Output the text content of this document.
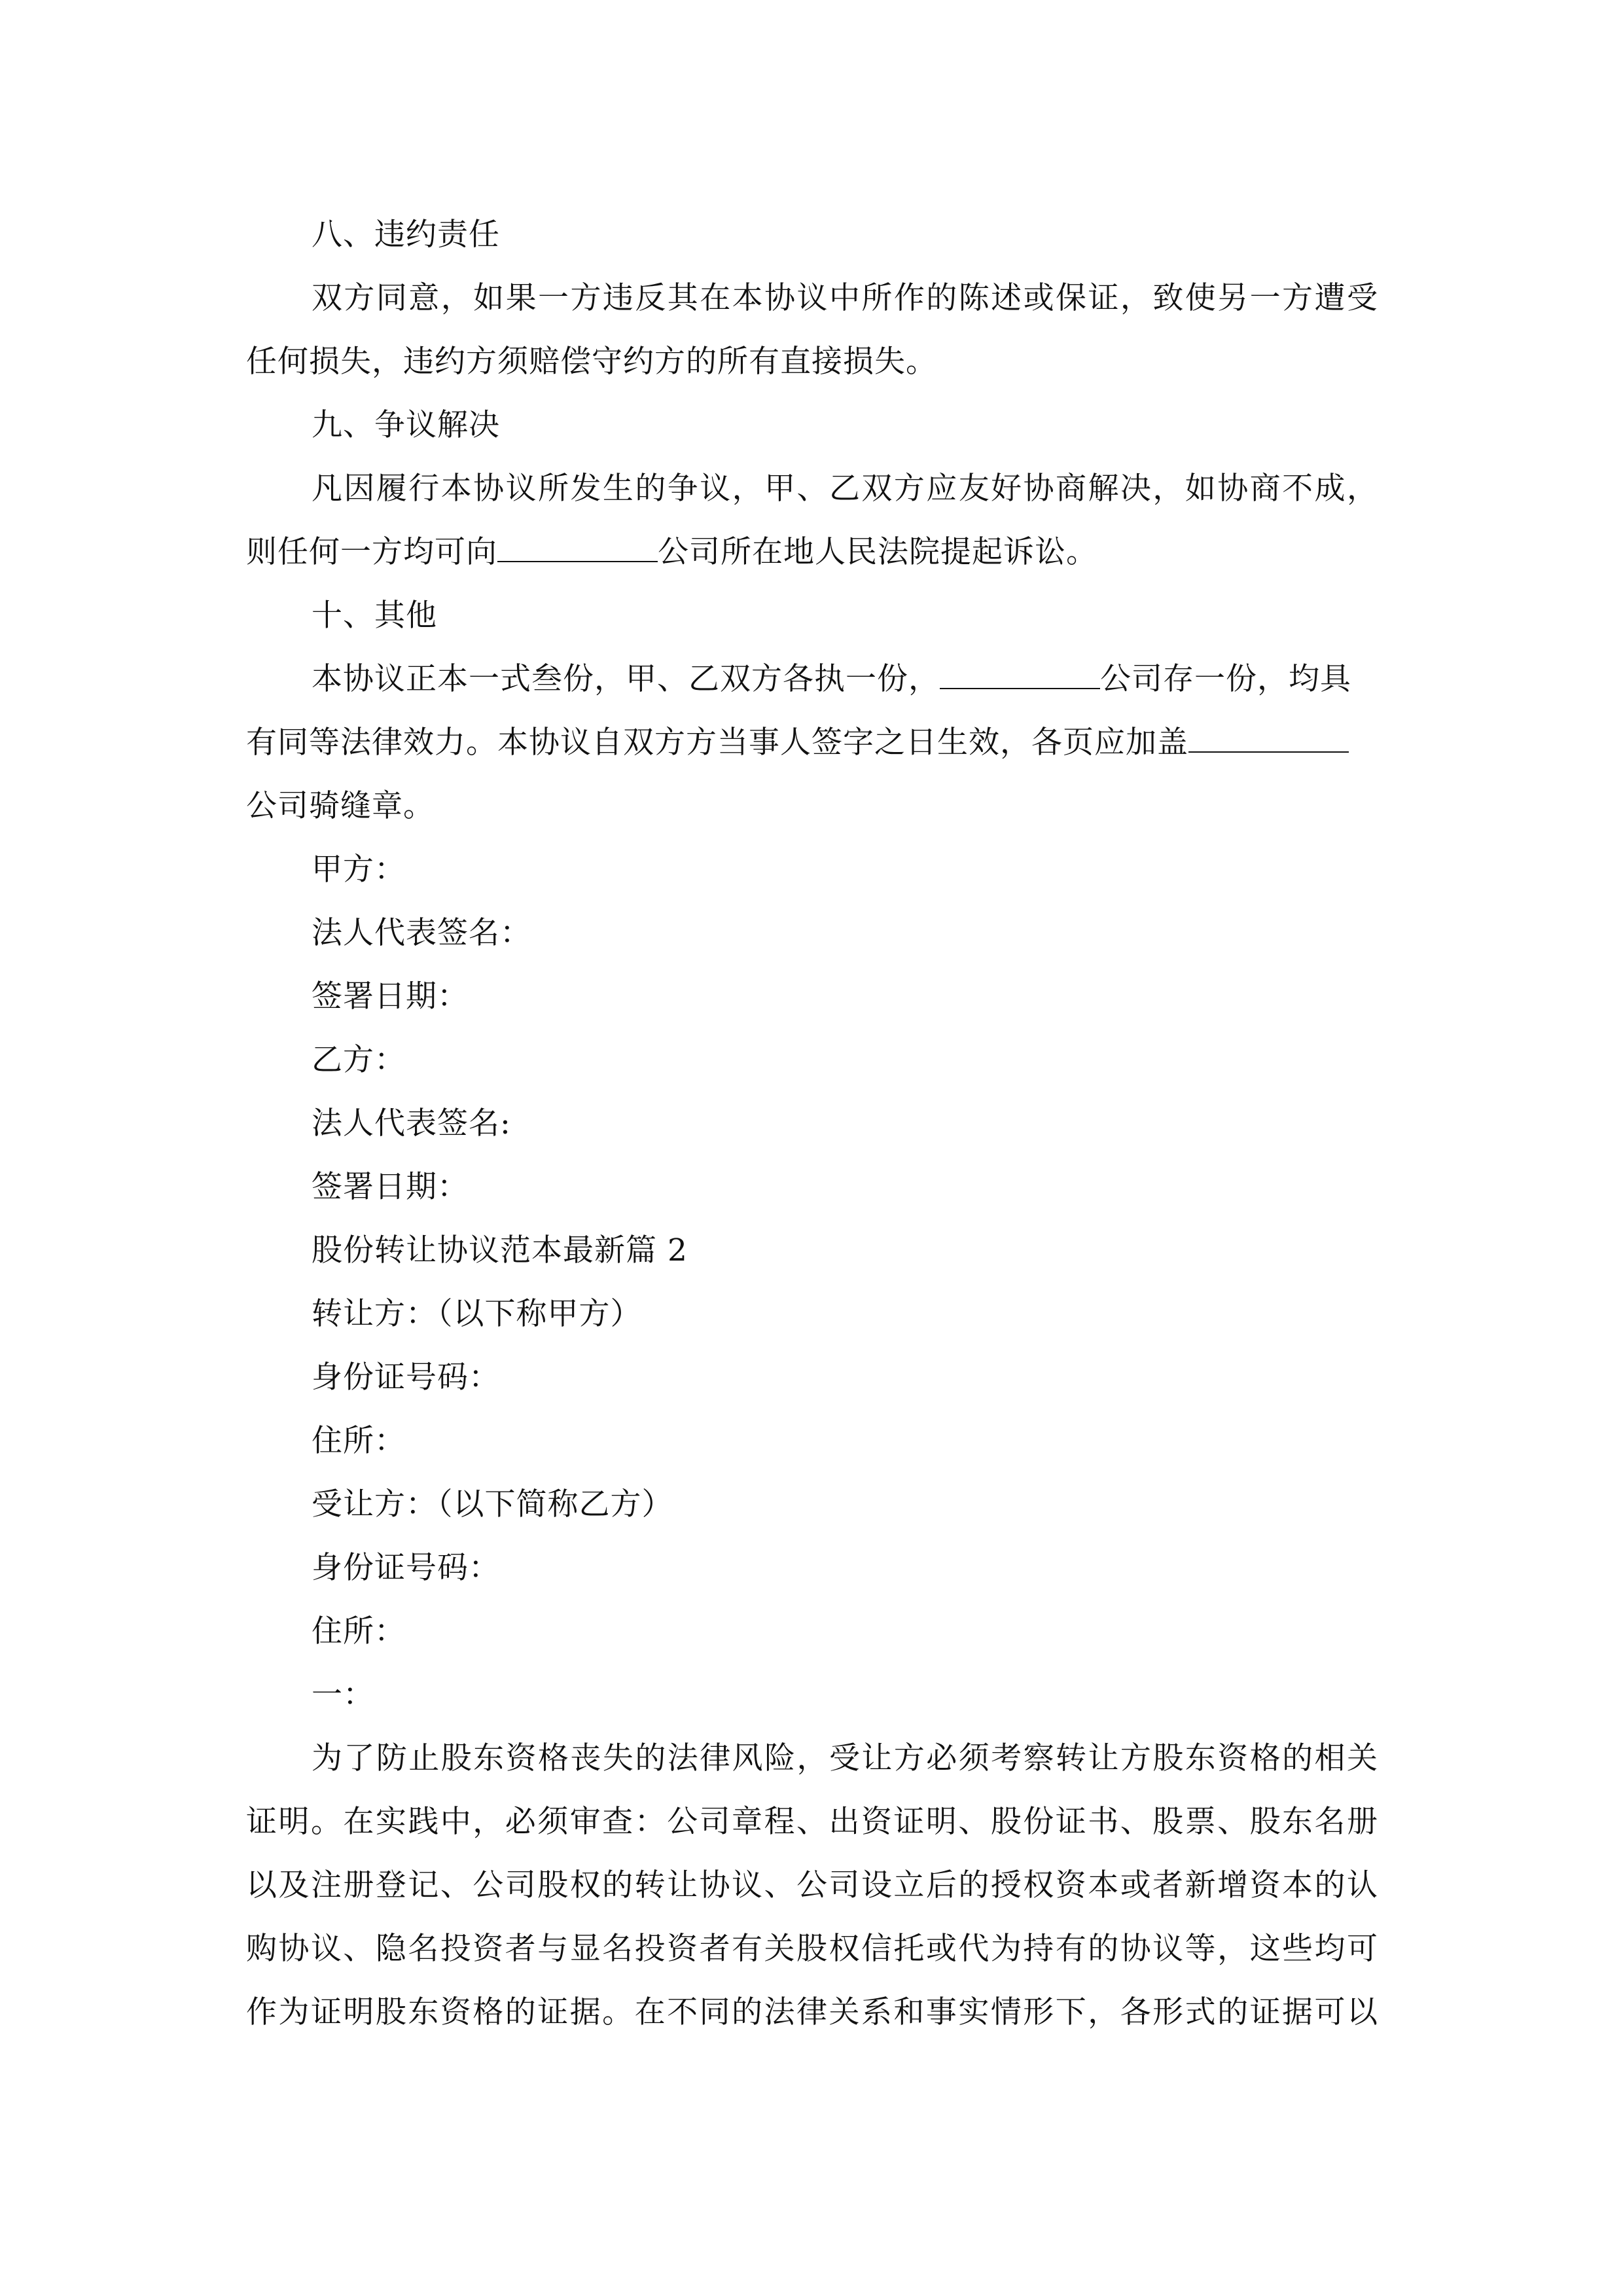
八、违约责任
双方同意，如果一方违反其在本协议中所作的陈述或保证，致使另一方遭受
任何损失，违约方须赔偿守约方的所有直接损失。
九、争议解决
凡因履行本协议所发生的争议，甲、乙双方应友好协商解决，如协商不成，
则任何一方均可向	公司所在地人民法院提起诉讼。
十、其他
本协议正本一式叁份，甲、乙双方各执一份，	公司存一份，均具
有同等法律效力。本协议自双方方当事人签字之日生效，各页应加盖
公司骑缝章。
甲方：
法人代表签名：
签署日期：
乙方：
法人代表签名:
签署日期：
股份转让协议范本最新篇 2
转让方：（以下称甲方）
身份证号码：
住所：
受让方：（以下简称乙方）
身份证号码：
住所：
一：
为了防止股东资格丧失的法律风险，受让方必须考察转让方股东资格的相关
证明。在实践中，必须审查：公司章程、出资证明、股份证书、股票、股东名册
以及注册登记、公司股权的转让协议、公司设立后的授权资本或者新增资本的认
购协议、隐名投资者与显名投资者有关股权信托或代为持有的协议等，这些均可
作为证明股东资格的证据。在不同的法律关系和事实情形下，各形式的证据可以
